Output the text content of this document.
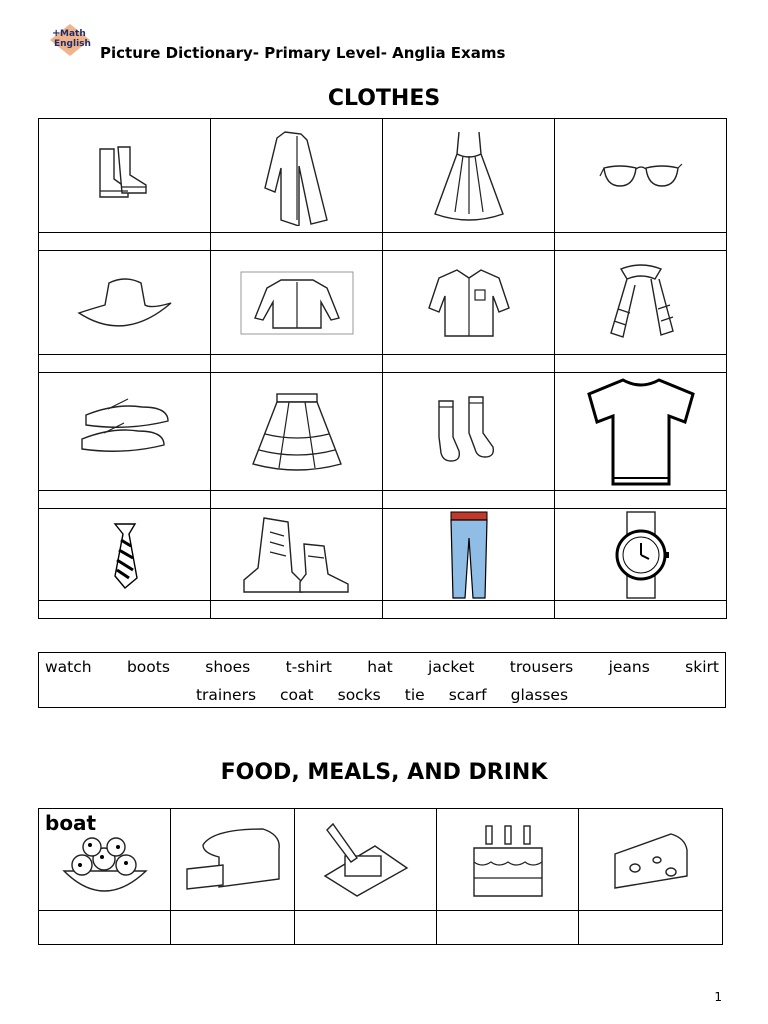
+ Math
English Picture Dictionary- Primary Level- Anglia Exams
CLOTHES

watch boots shoes t-shirt hat jacket trousers jeans skirt
trainers coat socks tie scarf glasses
FOOD, MEALS, AND DRINK
boat

1
